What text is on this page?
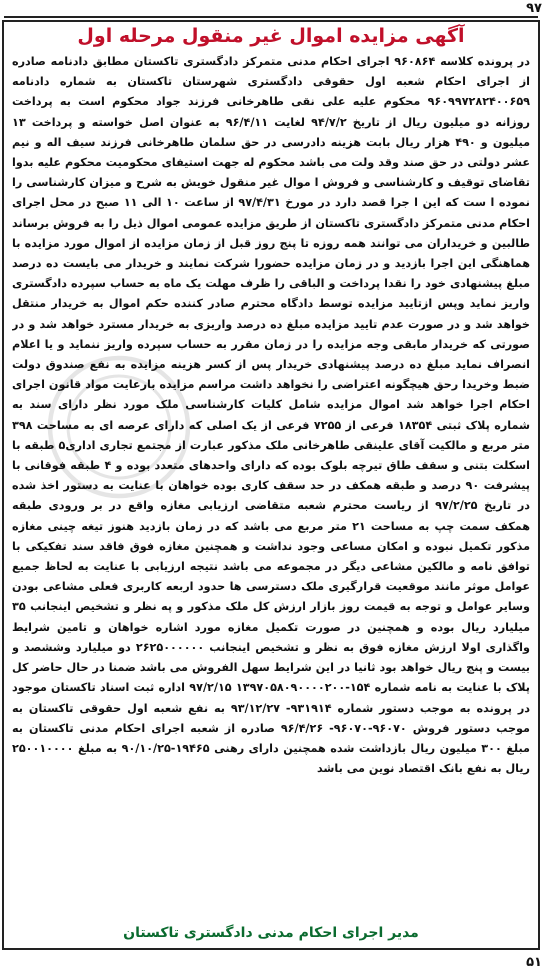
۹۷
آگهی مزایده اموال غیر منقول مرحله اول
در پرونده کلاسه ۹۶۰۸۶۴ اجرای احکام مدنی متمرکز دادگستری تاکستان مطابق دادنامه صادره از اجرای احکام شعبه اول حقوقی دادگستری شهرستان تاکستان به شماره دادنامه ۹۶۰۹۹۷۲۸۲۴۰۰۶۵۹ محکوم علیه علی نقی طاهرخانی فرزند جواد محکوم است به پرداخت روزانه دو میلیون ریال از تاریخ ۹۴/۷/۲ لغایت ۹۶/۴/۱۱ به عنوان اصل خواسته و پرداخت ۱۳ میلیون و ۴۹۰ هزار ریال بابت هزینه دادرسی در حق سلمان طاهرخانی فرزند سیف اله و نیم عشر دولتی در حق صند وقد ولت می باشد محکوم له جهت استیفای محکومیت محکوم علیه بدوا تقاضای توقیف و کارشناسی و فروش ا موال غیر منقول خویش به شرح و میزان کارشناسی را نموده ا ست که این ا جرا قصد دارد در مورخ ۹۷/۴/۳۱ از ساعت ۱۰ الی ۱۱ صبح در محل اجرای احکام مدنی متمرکز دادگستری تاکستان از طریق مزایده عمومی اموال ذیل را به فروش برساند طالبین و خریداران می توانند همه روزه تا پنج روز قبل از زمان مزایده از اموال مورد مزایده با هماهنگی این اجرا بازدید و در زمان مزایده حضورا شرکت نمایند و خریدار می بایست ده درصد مبلغ پیشنهادی خود را نقدا پرداخت و الباقی را ظرف مهلت یک ماه به حساب سپرده دادگستری واریز نماید وپس ازتایید مزایده توسط دادگاه محترم صادر کننده حکم اموال به خریدار منتقل خواهد شد و در صورت عدم تایید مزایده مبلغ ده درصد واریزی به خریدار مسترد خواهد شد و در صورتی که خریدار مابقی وجه مزایده را در زمان مقرر به حساب سپرده واریز ننماید و یا اعلام انصراف نماید مبلغ ده درصد پیشنهادی خریدار پس از کسر هزینه مزایده به نفع صندوق دولت ضبط وخریدا رحق هیچگونه اعتراضی را نخواهد داشت مراسم مزایده بارعایت مواد قانون اجرای احکام اجرا خواهد شد اموال مزایده شامل کلیات کارشناسی ملک مورد نظر دارای سند به شماره پلاک ثبتی ۱۸۳۵۴ فرعی از ۷۲۵۵ فرعی از یک اصلی که دارای عرصه ای به مساحت ۳۹۸ متر مربع و مالکیت آقای علینقی طاهرخانی ملک مذکور عبارت از مجتمع تجاری اداری۵ طبقه با اسکلت بتنی و سقف طاق تیرچه بلوک بوده که دارای واحدهای متعدد بوده و ۴ طبقه فوقانی با پیشرفت ۹۰ درصد و طبقه همکف در حد سقف کاری بوده خواهان با عنایت به دستور اخذ شده در تاریخ ۹۷/۲/۲۵ از ریاست محترم شعبه متقاضی ارزیابی مغازه واقع در بر ورودی طبقه همکف سمت چپ به مساحت ۲۱ متر مربع می باشد که در زمان بازدید هنوز تیغه چینی مغازه مذکور تکمیل نبوده و امکان مساعی وجود نداشت و همچنین مغازه فوق فاقد سند تفکیکی با توافق نامه و مالکین مشاعی دیگر در مجموعه می باشد نتیجه ارزیابی با عنایت به لحاظ جمیع عوامل موثر مانند موقعیت قرارگیری ملک دسترسی ها حدود اربعه کاربری فعلی مشاعی بودن وسایر عوامل و توجه به قیمت روز بازار ارزش کل ملک مذکور و په نظر و تشخیص اینجانب ۳۵ میلیارد ریال بوده و همچنین در صورت تکمیل مغازه مورد اشاره خواهان و تامین شرایط واگذاری اولا ارزش مغازه فوق به نظر و تشخیص اینجانب ۲۶۲۵۰۰۰۰۰۰ دو میلیارد وششصد و بیست و پنج ریال خواهد بود ثانیا در این شرایط سهل الفروش می باشد ضمنا در حال حاضر کل پلاک با عنایت به نامه شماره ۱۵۴-۱۳۹۷۰۵۸۰۹۰۰۰۰۲۰۰ ۹۷/۲/۱۵ اداره ثبت اسناد تاکستان موجود در پرونده به موجب دستور شماره ۹۳۱۹۱۴- ۹۳/۱۲/۲۷ به نفع شعبه اول حقوقی تاکستان به موجب دستور فروش ۹۶۰۷۰-۹۶۰۷۰- ۹۶/۴/۲۶ صادره از شعبه اجرای احکام مدنی تاکستان به مبلغ ۳۰۰ میلیون ریال بازداشت شده همچنین دارای رهنی ۱۹۴۶۵-۹۰/۱۰/۲۵ به مبلغ ۲۵۰۰۱۰۰۰۰ ریال به نفع بانک اقتصاد نوین می باشد
مدیر اجرای احکام مدنی دادگستری تاکستان
۵۱
